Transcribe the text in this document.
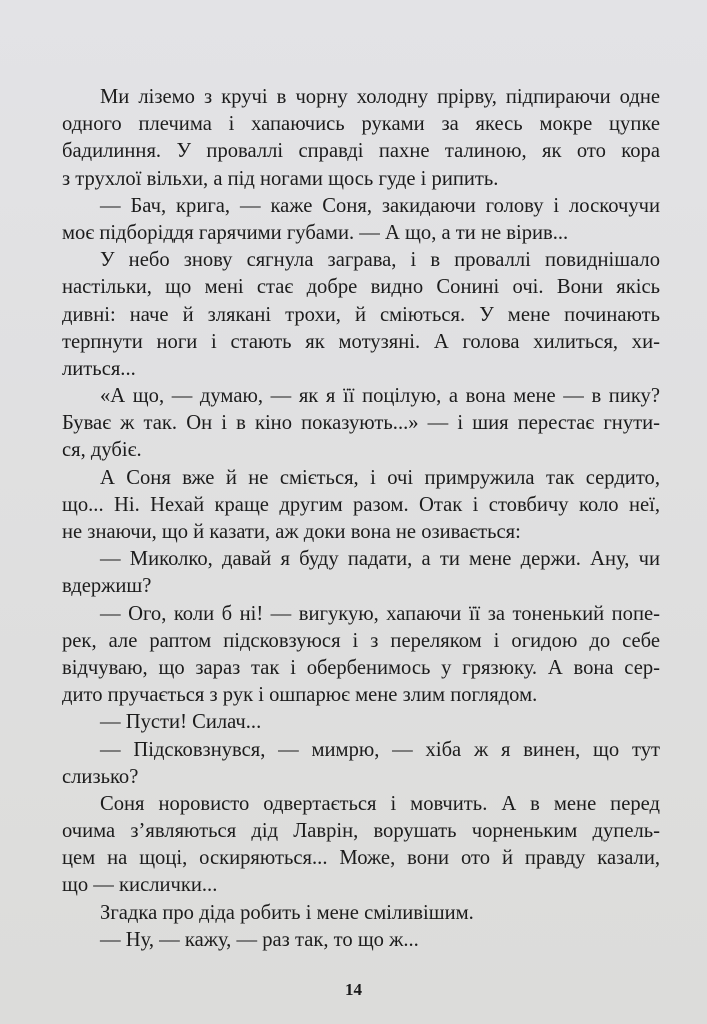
Ми ліземо з кручі в чорну холодну прірву, підпираючи одне
одного плечима і хапаючись руками за якесь мокре цупке
бадилиння. У проваллі справді пахне талиною, як ото кора
з трухлої вільхи, а під ногами щось гуде і рипить.
— Бач, крига, — каже Соня, закидаючи голову і лоскочучи
моє підборіддя гарячими губами. — А що, а ти не вірив...
У небо знову сягнула заграва, і в проваллі повиднішало
настільки, що мені стає добре видно Сонині очі. Вони якісь
дивні: наче й злякані трохи, й сміються. У мене починають
терпнути ноги і стають як мотузяні. А голова хилиться, хи-
литься...
«А що, — думаю, — як я її поцілую, а вона мене — в пику?
Буває ж так. Он і в кіно показують...» — і шия перестає гнути-
ся, дубіє.
А Соня вже й не сміється, і очі примружила так сердито,
що... Ні. Нехай краще другим разом. Отак і стовбичу коло неї,
не знаючи, що й казати, аж доки вона не озивається:
— Миколко, давай я буду падати, а ти мене держи. Ану, чи
вдержиш?
— Ого, коли б ні! — вигукую, хапаючи її за тоненький попе-
рек, але раптом підсковзуюся і з переляком і огидою до себе
відчуваю, що зараз так і обербенимось у грязюку. А вона сер-
дито пручається з рук і ошпарює мене злим поглядом.
— Пусти! Силач...
— Підсковзнувся, — мимрю, — хіба ж я винен, що тут
слизько?
Соня норовисто одвертається і мовчить. А в мене перед
очима з’являються дід Лаврін, ворушать чорненьким дупель-
цем на щоці, оскиряються... Може, вони ото й правду казали,
що — кислички...
Згадка про діда робить і мене сміливішим.
— Ну, — кажу, — раз так, то що ж...
14
